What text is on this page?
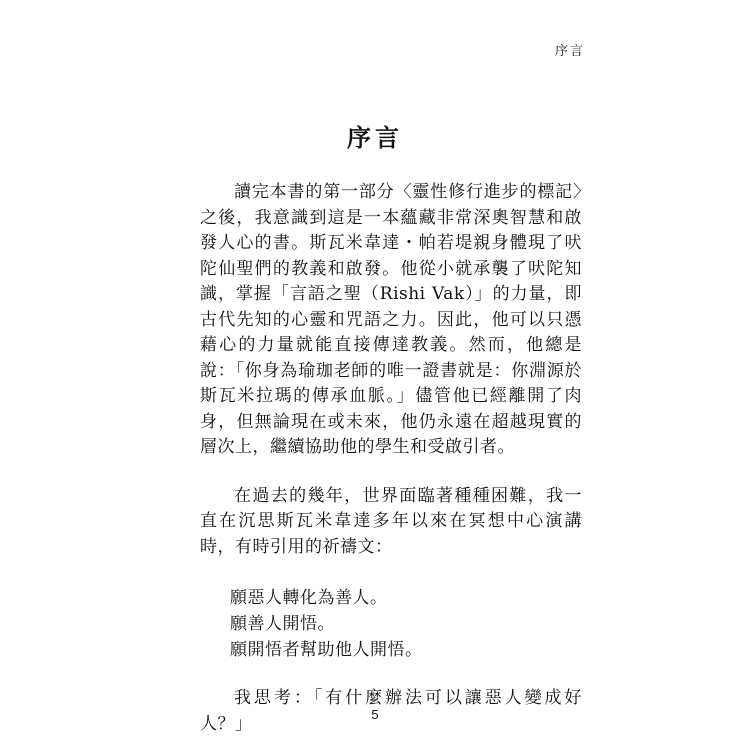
序言
序言

讀完本書的第一部分〈靈性修行進步的標記〉之後，我意識到這是一本蘊藏非常深奧智慧和啟發人心的書。斯瓦米韋達・帕若堤親身體現了吠陀仙聖們的教義和啟發。他從小就承襲了吠陀知識，掌握「言語之聖（Rishi Vak）」的力量，即古代先知的心靈和咒語之力。因此，他可以只憑藉心的力量就能直接傳達教義。然而，他總是說：「你身為瑜珈老師的唯一證書就是：你淵源於斯瓦米拉瑪的傳承血脈。」儘管他已經離開了肉身，但無論現在或未來，他仍永遠在超越現實的層次上，繼續協助他的學生和受啟引者。

在過去的幾年，世界面臨著種種困難，我一直在沉思斯瓦米韋達多年以來在冥想中心演講時，有時引用的祈禱文：

願惡人轉化為善人。
願善人開悟。
願開悟者幫助他人開悟。

我思考：「有什麼辦法可以讓惡人變成好人？」	5
